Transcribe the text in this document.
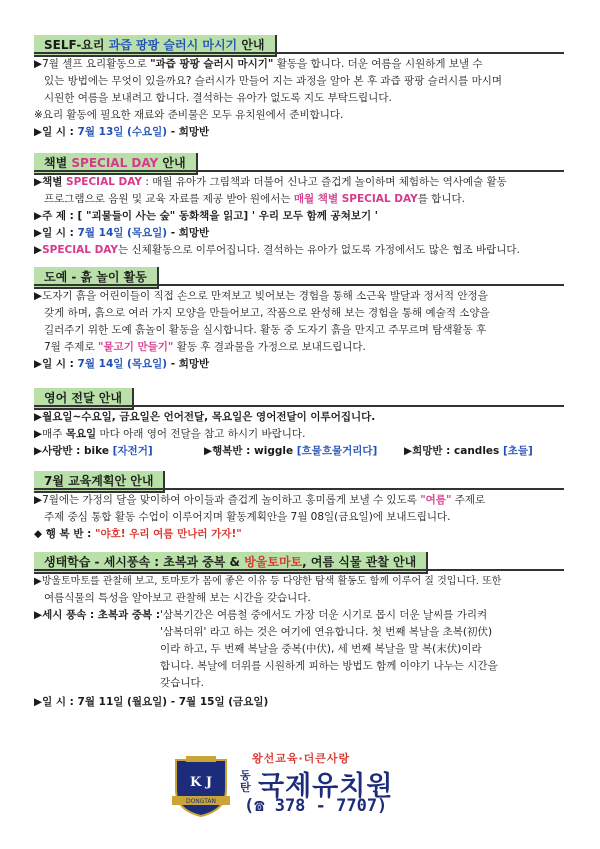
SELF-요리 과즙 팡팡 슬러시 마시기 안내

▶7월 셀프 요리활동으로 "과즙 팡팡 슬러시 마시기" 활동을 합니다. 더운 여름을 시원하게 보낼 수

있는 방법에는 무엇이 있을까요? 슬러시가 만들어 지는 과정을 알아 본 후 과즙 팡팡 슬러시를 마시며

시원한 여름을 보내려고 합니다. 결석하는 유아가 없도록 지도 부탁드립니다.

※요리 활동에 필요한 재료와 준비물은 모두 유치원에서 준비합니다.

▶일 시 : 7월 13일 (수요일) - 희망반

책별 SPECIAL DAY 안내

▶책별 SPECIAL DAY : 매월 유아가 그림책과 더불어 신나고 즐겁게 놀이하며 체험하는 역사예술 활동

프로그램으로 음원 및 교육 자료를 제공 받아 원에서는 매월 책별 SPECIAL DAY를 합니다.

▶주 제 : [ "괴물들이 사는 숲" 동화책을 읽고] ' 우리 모두 함께 공쳐보기 '

▶일 시 : 7월 14일 (목요일) - 희망반

▶SPECIAL DAY는 신체활동으로 이루어집니다. 결석하는 유아가 없도록 가정에서도 많은 협조 바랍니다.

도예 - 흙 놀이 활동

▶도자기 흙을 어린이들이 직접 손으로 만져보고 빚어보는 경험을 통해 소근육 발달과 정서적 안정을

갖게 하며, 흙으로 여러 가지 모양을 만들어보고, 작품으로 완성해 보는 경험을 통해 예술적 소양을

길러주기 위한 도예 흙놀이 활동을 실시합니다. 활동 중 도자기 흙을 만지고 주무르며 탐색활동 후

7월 주제로 "물고기 만들기" 활동 후 결과물을 가정으로 보내드립니다.

▶일 시 : 7월 14일 (목요일) - 희망반

영어 전달 안내

▶월요일~수요일, 금요일은 언어전달, 목요일은 영어전달이 이루어집니다.

▶매주 목요일 마다 아래 영어 전달을 참고 하시기 바랍니다.

▶사랑반 : bike [자전거]	▶행복반 : wiggle [흐물흐물거리다]	▶희망반 : candles [초들]
7월 교육계획안 안내

▶7월에는 가정의 달을 맞이하여 아이들과 즐겁게 놀이하고 홍미롭게 보낼 수 있도록 "여름" 주제로

주제 중심 통합 활동 수업이 이루어지며 활동계획안을 7월 08일(금요일)에 보내드립니다.

◆ 행 복 반 : "야호! 우리 여름 만나러 가자!"

생태학습 - 세시풍속 : 초복과 중복 & 방울토마토, 여름 식물 관찰 안내

▶방울토마토를 관찰해 보고, 토마토가 몸에 좋은 이유 등 다양한 탐색 활동도 함께 이루어 질 것입니다. 또한

여름식물의 특성을 알아보고 관찰해 보는 시간을 갖습니다.

▶세시 풍속 : 초복과 중복 : '삼복기간은 여름철 중에서도 가장 더운 시기로 몹시 더운 날씨를 가리켜

'삼복더위' 라고 하는 것은 여기에 연유합니다. 첫 번째 복날을 초복(初伏)

이라 하고, 두 번째 복날을 중복(中伏), 세 번째 복날을 말 복(末伏)이라

합니다. 복날에 더위를 시원하게 피하는 방법도 함께 이야기 나누는 시간을

갖습니다.

▶일 시 : 7월 11일 (월요일) - 7월 15일 (금요일)

K J
DONGTAN
왕선교육·더큰사랑
동탄 국제유치원
(☎ 378 - 7707)
